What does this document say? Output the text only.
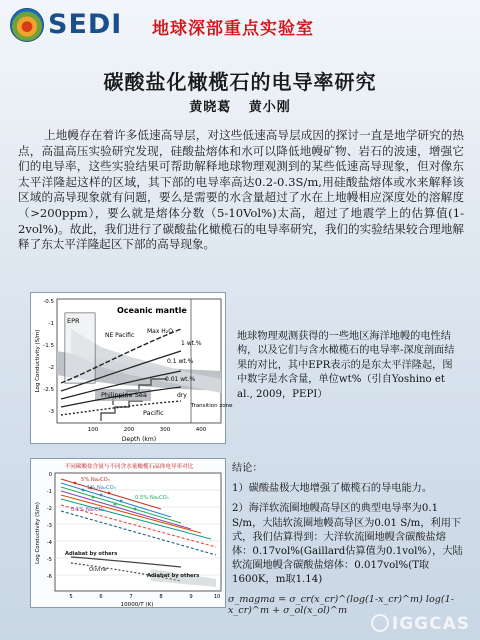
SEDI 地球深部重点实验室
碳酸盐化橄榄石的电导率研究
黄晓葛 黄小刚
上地幔存在着许多低速高导层，对这些低速高导层成因的探讨一直是地学研究的热点，高温高压实验研究发现，硅酸盐熔体和水可以降低地幔矿物、岩石的波速，增强它们的电导率，这些实验结果可帮助解释地球物理观测到的某些低速高导现象，但对像东太平洋隆起这样的区域，其下部的电导率高达0.2-0.3S/m,用硅酸盐熔体或水来解释该区域的高导现象就有问题，要么是需要的水含量超过了水在上地幔相应深度处的溶解度（>200ppm），要么就是熔体分数（5-10Vol%)太高，超过了地震学上的估算值(1-2vol%)。故此，我们进行了碳酸盐化橄榄石的电导率研究，我们的实验结果较合理地解释了东太平洋隆起区下部的高导现象。
Oceanic mantle
EPR
NE Pacific
Max H₂O
1 wt.%
0.1 wt.%
0.01 wt.%
dry
Philippine Sea
Pacific
Transition zone
-0.5
-1
-1.5
-2
-2.5
-3
100	200	300	400
Depth (km)
Log Conductivity (S/m)	地球物理观测获得的一些地区海洋地幔的电性结构，以及它们与含水橄榄石的电导率-深度剖面结果的对比，其中EPR表示的是东太平洋隆起，图中数字是水含量，单位wt%（引自Yoshino et al., 2009，PEPI）
不同碳酸盐含量与不同含水量橄榄石晶体电导率对比
5%.Na₂CO₃
1%.Na₂CO₃
0.5%.Na₂CO₃
0.1%.Na₂CO₃
Adiabat by others
Olivine
Adiabat by others
0
-1
-2
-3
-4
-5
-6
5	6	7	8	9	10
10000/T (K)
Log Conductivity (S/m)
结论：
1）碳酸盐极大地增强了橄榄石的导电能力。
2）海洋软流圈地幔高导区的典型电导率为0.1 S/m，大陆软流圈地幔高导区为0.01 S/m，利用下式，我们估算得到：大洋软流圈地幔含碳酸盐熔体：0.17vol%(Gaillard估算值为0.1vol%），大陆软流圈地幔含碳酸盐熔体：0.017vol%(T取1600K，m取1.14)
σ_magma = σ_cr(x_cr)^(log(1-x_cr)^m) log(1-x_cr)^m + σ_ol(x_ol)^m
IGGCAS
